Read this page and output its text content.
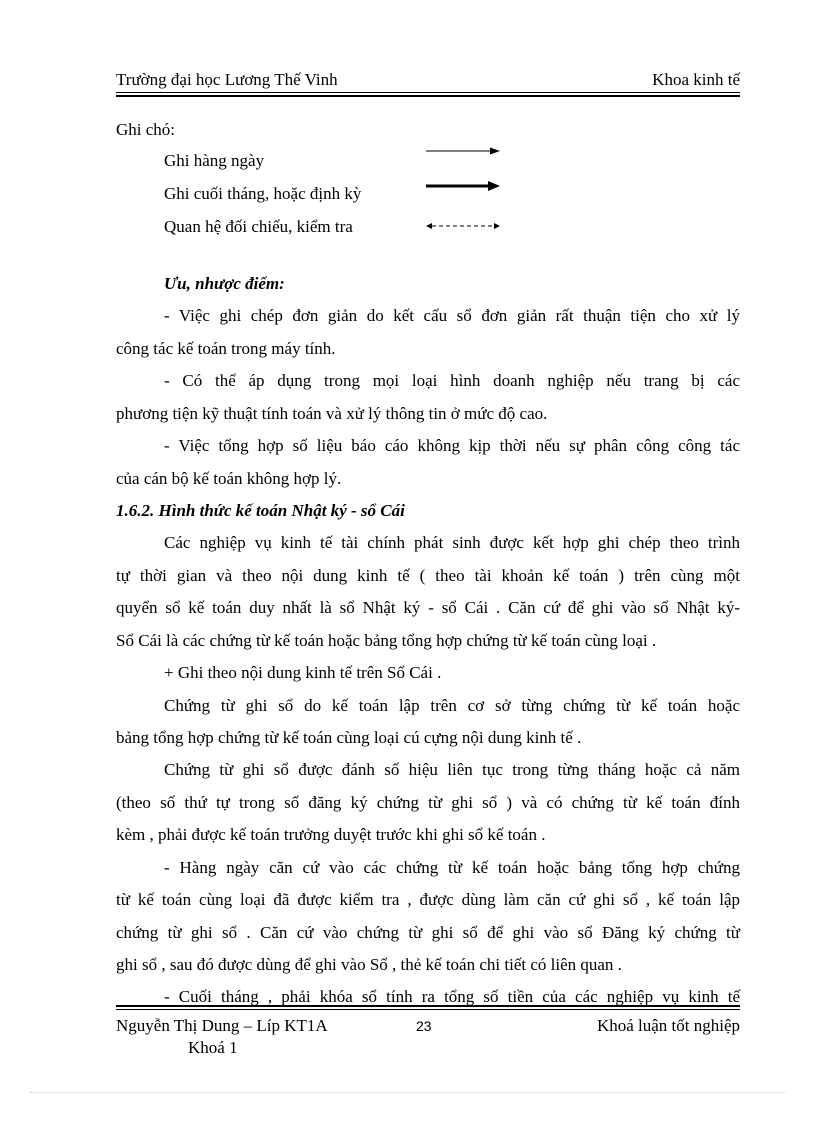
Trường đại học Lương Thế Vinh	Khoa kinh tế
Ghi chó:
Ghi hàng ngày
Ghi cuối tháng, hoặc định kỳ
Quan hệ đối chiếu, kiểm tra
Ưu, nhược điểm:
- Việc ghi chép đơn giản do kết cấu sổ đơn giản rất thuận tiện cho xử lý
công tác kế toán trong máy tính.
- Có thể áp dụng trong mọi loại hình doanh nghiệp nếu trang bị các
phương tiện kỹ thuật tính toán và xử lý thông tin ở mức độ cao.
- Việc tổng hợp số liệu báo cáo không kịp thời nếu sự phân công công tác
của cán bộ kế toán không hợp lý.
1.6.2. Hình thức kế toán Nhật ký - sổ Cái
Các nghiệp vụ kinh tế tài chính phát sinh được kết hợp ghi chép theo trình
tự thời gian và theo nội dung kinh tế ( theo tài khoản kế toán ) trên cùng một
quyển sổ kế toán duy nhất là sổ Nhật ký - sổ Cái . Căn cứ để ghi vào sổ Nhật ký-
Sổ Cái là các chứng từ kế toán hoặc bảng tổng hợp chứng từ kế toán cùng loại .
+ Ghi theo nội dung kinh tế trên Sổ Cái .
Chứng từ ghi sổ do kế toán lập trên cơ sở từng chứng từ kế toán hoặc
bảng tổng hợp chứng từ kế toán cùng loại cú cựng nội dung kinh tế .
Chứng từ ghi sổ được đánh số hiệu liên tục trong từng tháng hoặc cả năm
(theo số thứ tự trong sổ đăng ký chứng từ ghi sổ ) và có chứng từ kế toán đính
kèm , phải được kế toán trưởng duyệt trước khi ghi sổ kế toán .
- Hàng ngày căn cứ vào các chứng từ kế toán hoặc bảng tổng hợp chứng
từ kế toán cùng loại đã được kiểm tra , được dùng làm căn cứ ghi sổ , kế toán lập
chứng từ ghi sổ . Căn cứ vào chứng từ ghi sổ để ghi vào sổ Đăng ký chứng từ
ghi sổ , sau đó được dùng để ghi vào Sổ , thẻ kế toán chi tiết có liên quan .
- Cuối tháng , phải khóa sổ tính ra tổng số tiền của các nghiệp vụ kinh tế
Nguyễn Thị Dung – Líp KT1A
Khoá 1
23	Khoá luận tốt nghiệp
